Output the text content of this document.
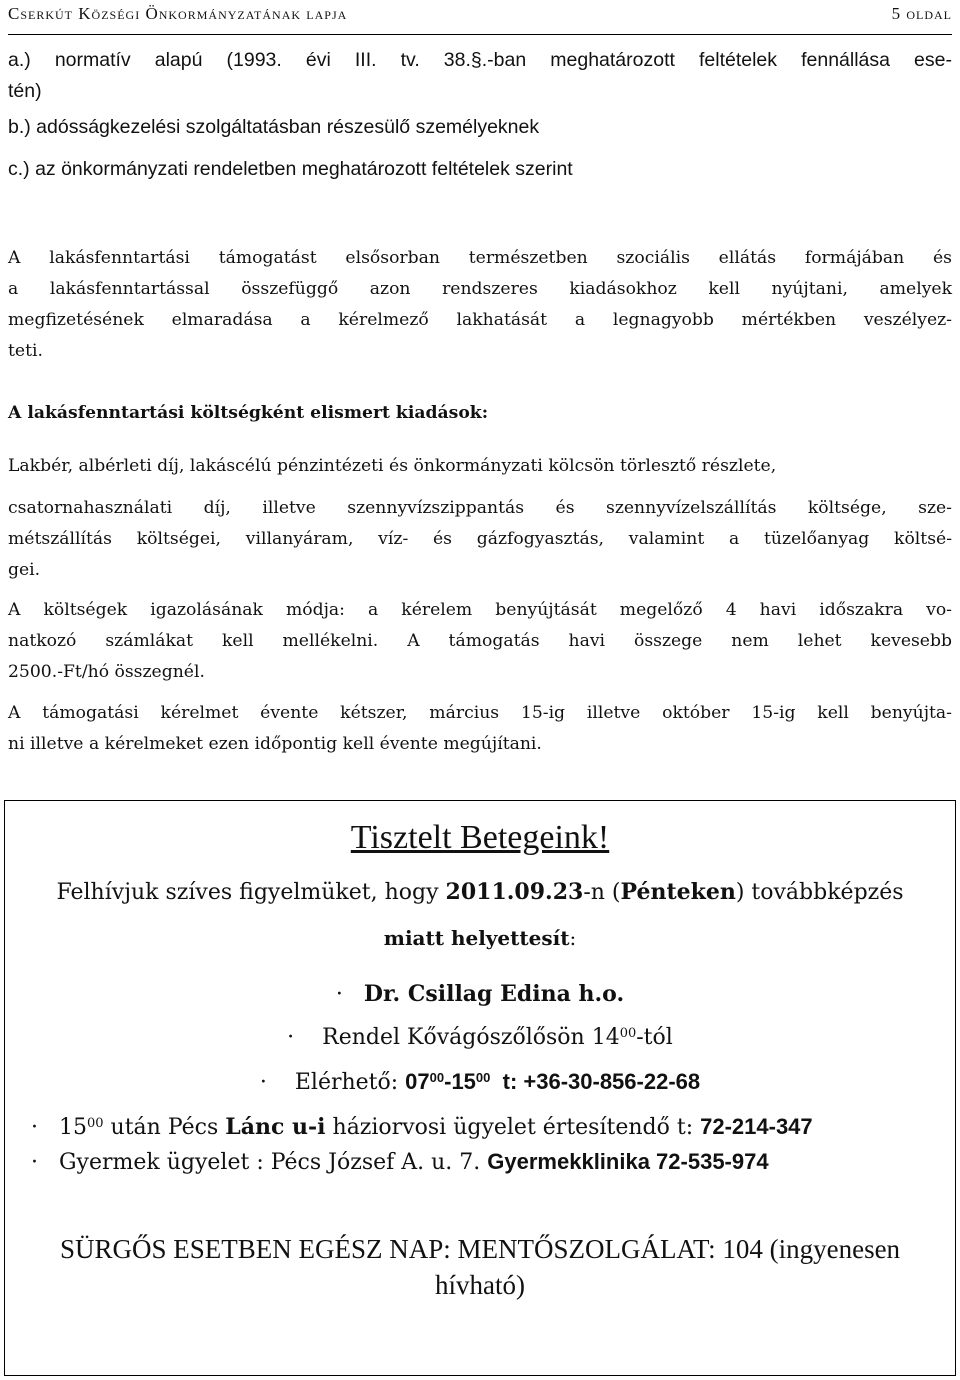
Cserkút Községi Önkormányzatának lapja	5 oldal
a.) normatív alapú (1993. évi III. tv. 38.§.-ban meghatározott feltételek fennállása ese-
tén)
b.) adósságkezelési szolgáltatásban részesülő személyeknek
c.) az önkormányzati rendeletben meghatározott feltételek szerint
A lakásfenntartási támogatást elsősorban természetben szociális ellátás formájában és
a lakásfenntartással összefüggő azon rendszeres kiadásokhoz kell nyújtani, amelyek
megfizetésének elmaradása a kérelmező lakhatását a legnagyobb mértékben veszélyez-
teti.
A lakásfenntartási költségként elismert kiadások:
Lakbér, albérleti díj, lakáscélú pénzintézeti és önkormányzati kölcsön törlesztő részlete,
csatornahasználati díj, illetve szennyvízszippantás és szennyvízelszállítás költsége, sze-
métszállítás költségei, villanyáram, víz- és gázfogyasztás, valamint a tüzelőanyag költsé-
gei.
A költségek igazolásának módja: a kérelem benyújtását megelőző 4 havi időszakra vo-
natkozó számlákat kell mellékelni. A támogatás havi összege nem lehet kevesebb
2500.-Ft/hó összegnél.
A támogatási kérelmet évente kétszer, március 15-ig illetve október 15-ig kell benyújta-
ni illetve a kérelmeket ezen időpontig kell évente megújítani.
Tisztelt Betegeink!
Felhívjuk szíves figyelmüket, hogy 2011.09.23-n (Pénteken) továbbképzés
miatt helyettesít:
· Dr. Csillag Edina h.o.
· Rendel Kővágószőlősön $14^{00}$-tól
· Elérhető: $07^{00}-15^{00}$  t: +36-30-856-22-68
· $15^{00}$ után Pécs Lánc u-i háziorvosi ügyelet értesítendő t: 72-214-347
· Gyermek ügyelet : Pécs József A. u. 7. Gyermekklinika 72-535-974
SÜRGŐS ESETBEN EGÉSZ NAP: MENTŐSZOLGÁLAT: 104 (ingyenesen
hívható)
